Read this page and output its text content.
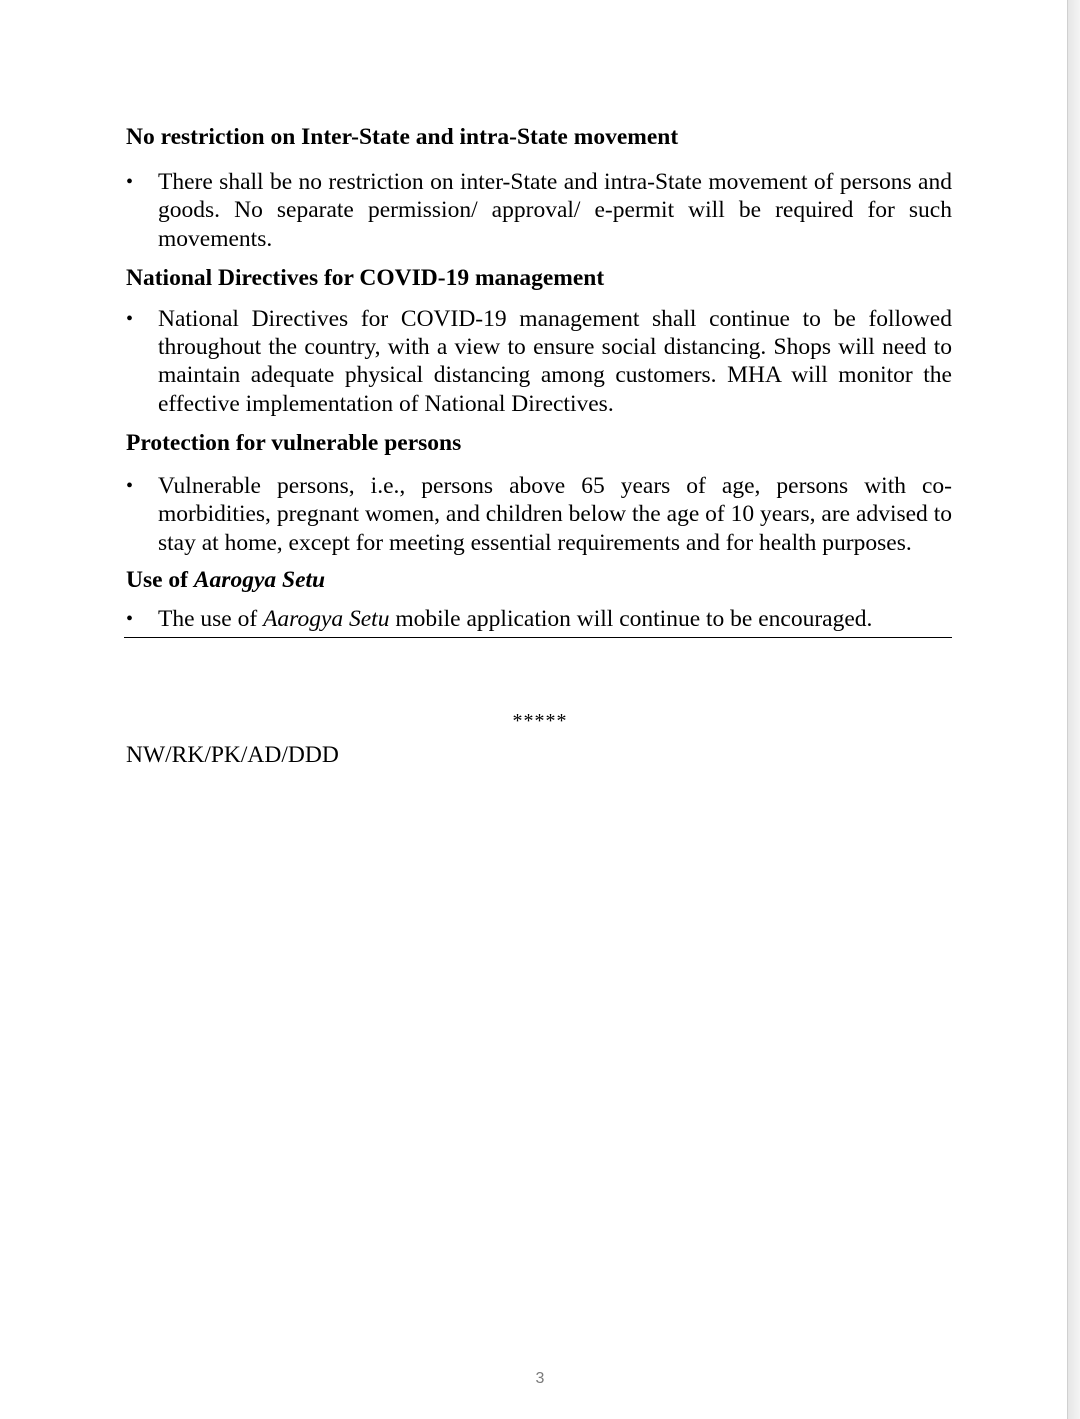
No restriction on Inter-State and intra-State movement

•	There shall be no restriction on inter-State and intra-State movement of persons and goods. No separate permission/ approval/ e-permit will be required for such movements.

National Directives for COVID-19 management

•	National Directives for COVID-19 management shall continue to be followed throughout the country, with a view to ensure social distancing. Shops will need to maintain adequate physical distancing among customers. MHA will monitor the effective implementation of National Directives.

Protection for vulnerable persons

•	Vulnerable persons, i.e., persons above 65 years of age, persons with co-morbidities, pregnant women, and children below the age of 10 years, are advised to stay at home, except for meeting essential requirements and for health purposes.

Use of Aarogya Setu

•	The use of Aarogya Setu mobile application will continue to be encouraged.
*****
NW/RK/PK/AD/DDD
3
